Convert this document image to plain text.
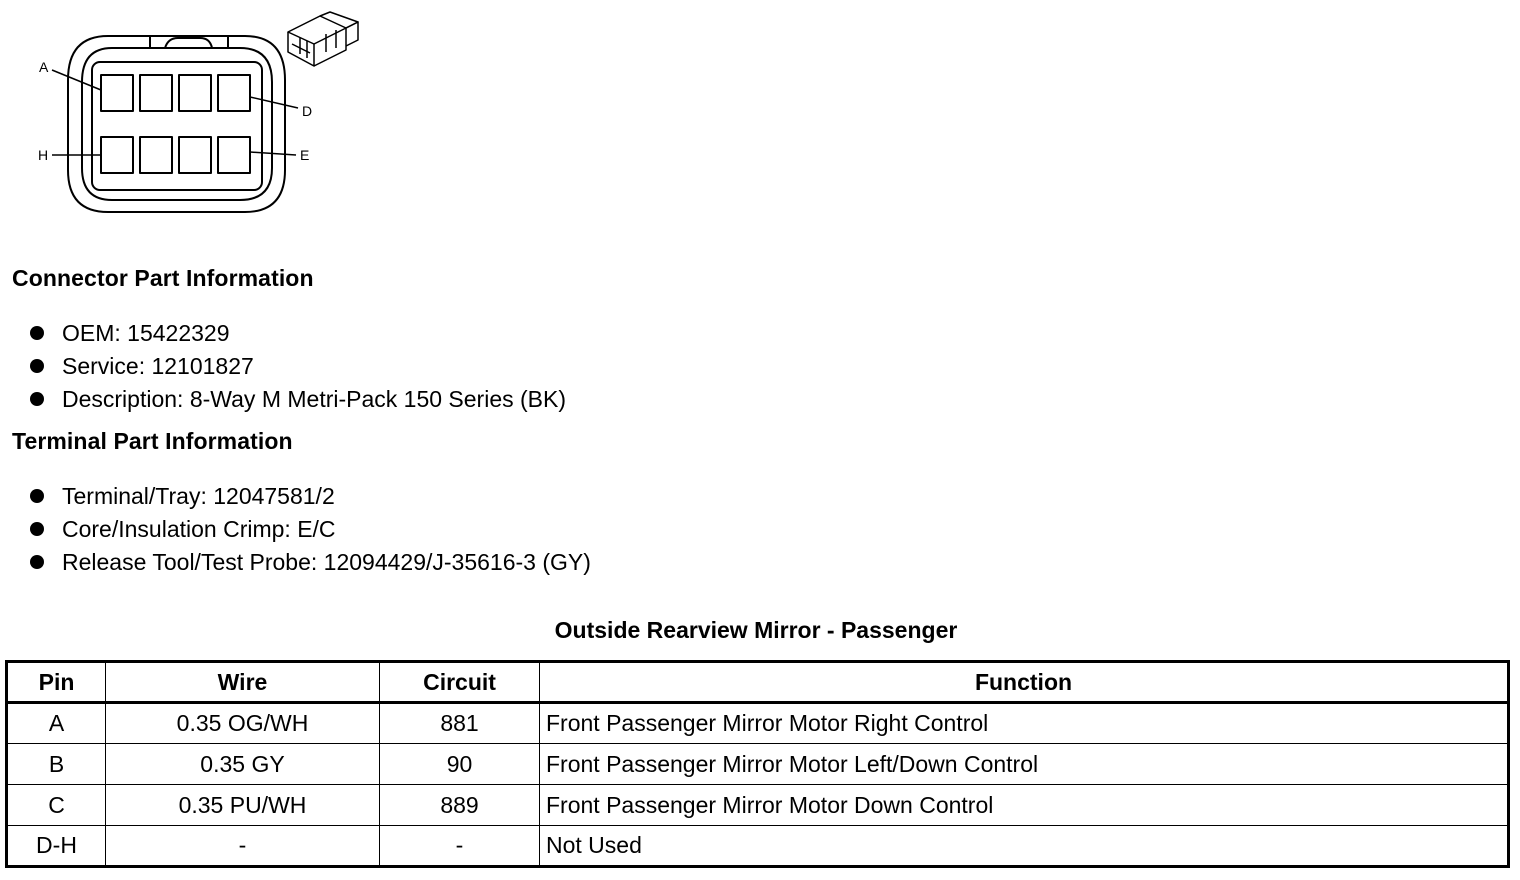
A
D
H	E
Connector Part Information
OEM: 15422329
Service: 12101827
Description: 8-Way M Metri-Pack 150 Series (BK)
Terminal Part Information
Terminal/Tray: 12047581/2
Core/Insulation Crimp: E/C
Release Tool/Test Probe: 12094429/J-35616-3 (GY)
Outside Rearview Mirror - Passenger
Pin	Wire	Circuit	Function
A	0.35 OG/WH	881	Front Passenger Mirror Motor Right Control
B	0.35 GY	90	Front Passenger Mirror Motor Left/Down Control
C	0.35 PU/WH	889	Front Passenger Mirror Motor Down Control
D-H	-	-	Not Used
